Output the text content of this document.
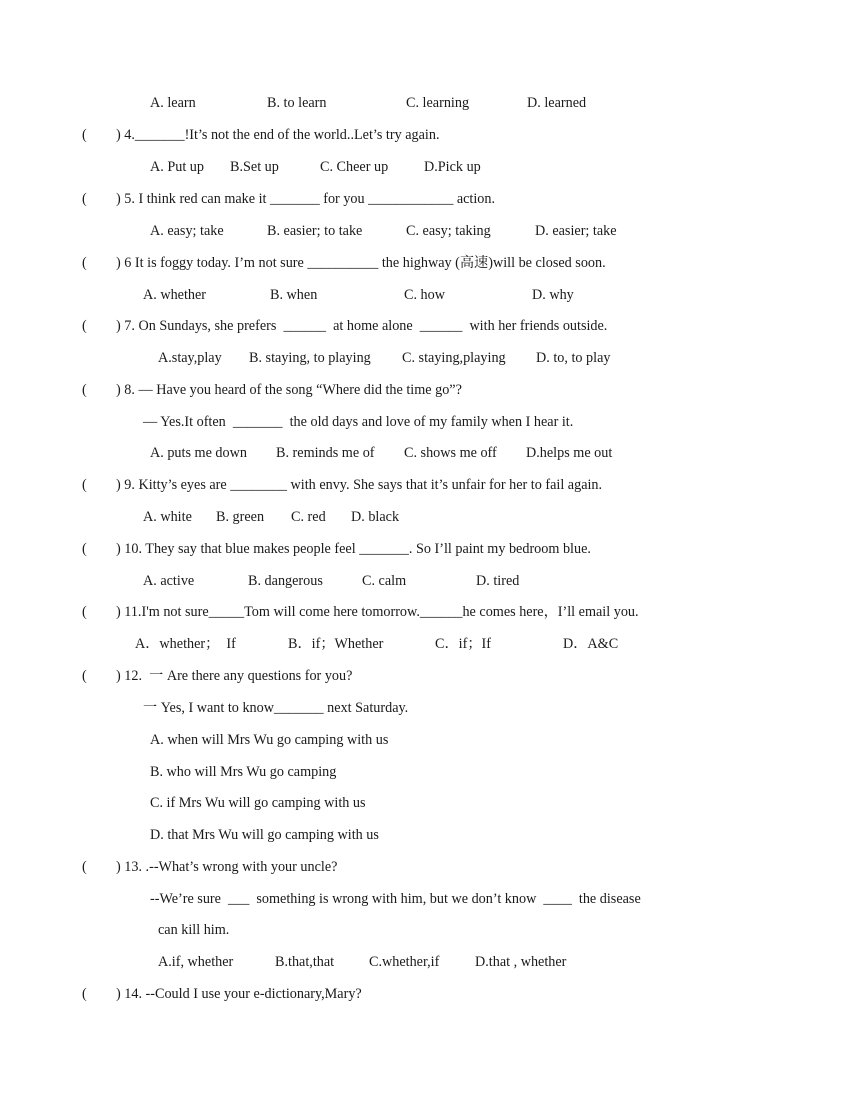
A. learn	B. to learn	C. learning	D. learned
( ) 4._______!It’s not the end of the world..Let’s try again.
A. Put up B.Set up	C. Cheer up	D.Pick up
( ) 5. I think red can make it _______ for you ____________ action.
A. easy; take	B. easier; to take	C. easy; taking	D. easier; take
( ) 6 It is foggy today. I’m not sure __________ the highway (高速)will be closed soon.
A. whether	B. when	C. how	D. why
( ) 7. On Sundays, she prefers  ______  at home alone  ______  with her friends outside.
A.stay,play B. staying, to playing C. staying,playing D. to, to play
( ) 8. — Have you heard of the song “Where did the time go”?
— Yes.It often  _______  the old days and love of my family when I hear it.
A. puts me down B. reminds me of C. shows me off D.helps me out
( ) 9. Kitty’s eyes are ________ with envy. She says that it’s unfair for her to fail again.
A. white B. green C. red D. black
( ) 10. They say that blue makes people feel _______. So I’ll paint my bedroom blue.
A. active	B. dangerous	C. calm	D. tired
( ) 11.I'm not sure_____Tom will come here tomorrow.______he comes here，I’ll email you.
A．whether；  If	B．if；Whether	C．if；If	D．A&C
( ) 12.  一 Are there any questions for you?
一 Yes, I want to know_______ next Saturday.
A. when will Mrs Wu go camping with us
B. who will Mrs Wu go camping
C. if Mrs Wu will go camping with us
D. that Mrs Wu will go camping with us
( ) 13. .--What’s wrong with your uncle?
--We’re sure  ___  something is wrong with him, but we don’t know  ____  the disease
can kill him.
A.if, whether	B.that,that C.whether,if	D.that , whether
( ) 14. --Could I use your e-dictionary,Mary?
